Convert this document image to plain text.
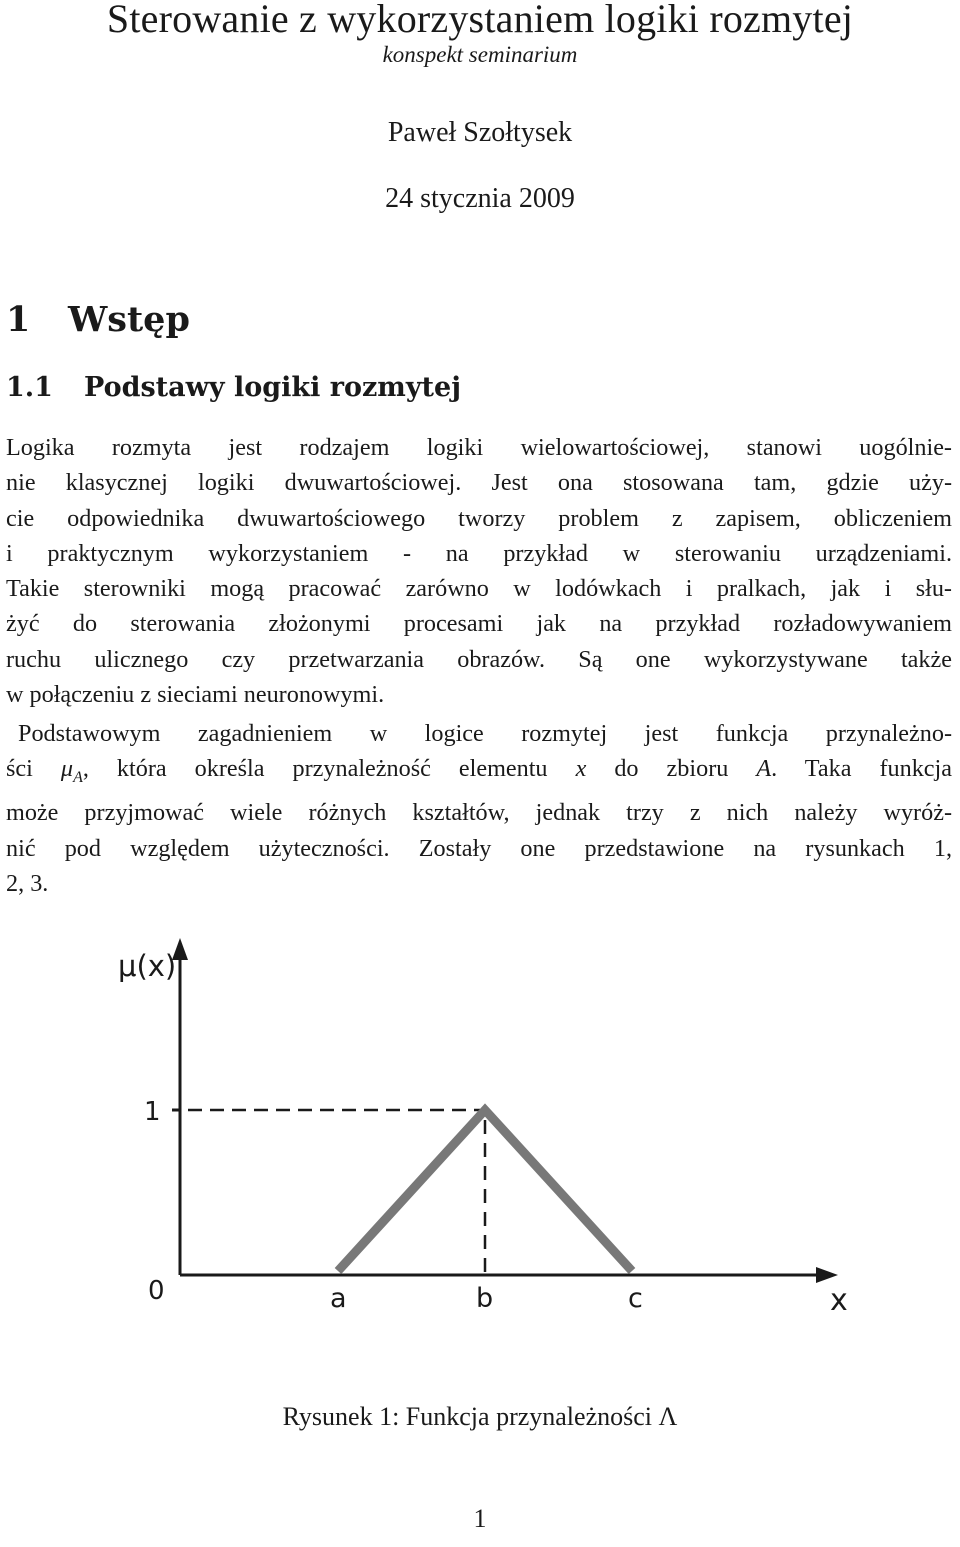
Sterowanie z wykorzystaniem logiki rozmytej
konspekt seminarium
Paweł Szołtysek
24 stycznia 2009
1 Wstęp
1.1 Podstawy logiki rozmytej
Logika rozmyta jest rodzajem logiki wielowartościowej, stanowi uogólnie-
nie klasycznej logiki dwuwartościowej. Jest ona stosowana tam, gdzie uży-
cie odpowiednika dwuwartościowego tworzy problem z zapisem, obliczeniem
i praktycznym wykorzystaniem - na przykład w sterowaniu urządzeniami.
Takie sterowniki mogą pracować zarówno w lodówkach i pralkach, jak i słu-
żyć do sterowania złożonymi procesami jak na przykład rozładowywaniem
ruchu ulicznego czy przetwarzania obrazów. Są one wykorzystywane także
w połączeniu z sieciami neuronowymi.
Podstawowym zagadnieniem w logice rozmytej jest funkcja przynależno-
ści $\mu_A$, która określa przynależność elementu x do zbioru A. Taka funkcja
może przyjmować wiele różnych kształtów, jednak trzy z nich należy wyróż-
nić pod względem użyteczności. Zostały one przedstawione na rysunkach 1,
2, 3.
μ(x)
1
0	a	b	c	x
Rysunek 1: Funkcja przynależności Λ
1
